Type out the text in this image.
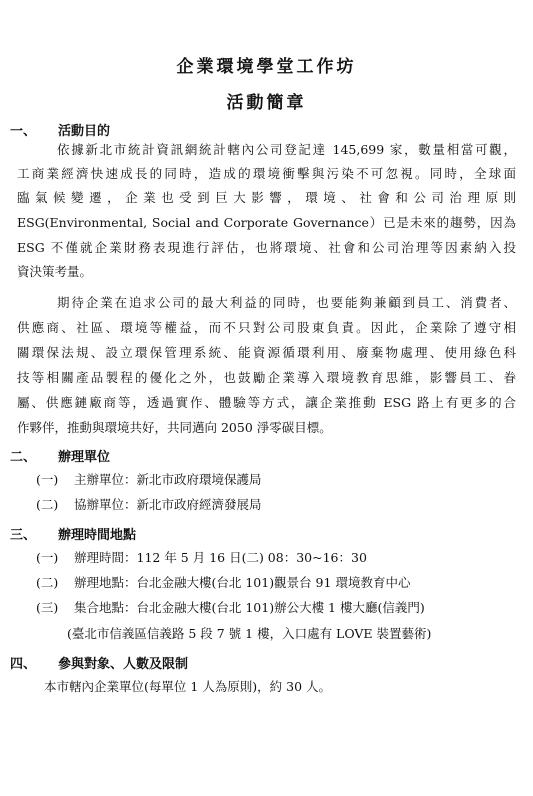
企業環境學堂工作坊
活動簡章
一、 活動目的
依據新北市統計資訊網統計轄內公司登記達 145,699 家，數量相當可觀，
工商業經濟快速成長的同時，造成的環境衝擊與污染不可忽視。同時，全球面
臨氣候變遷，企業也受到巨大影響，環境、社會和公司治理原則
ESG(Environmental, Social and Corporate Governance）已是未來的趨勢，因為
ESG 不僅就企業財務表現進行評估，也將環境、社會和公司治理等因素納入投
資決策考量。
期待企業在追求公司的最大利益的同時，也要能夠兼顧到員工、消費者、
供應商、社區、環境等權益，而不只對公司股東負責。因此，企業除了遵守相
關環保法規、設立環保管理系統、能資源循環利用、廢棄物處理、使用綠色科
技等相關產品製程的優化之外，也鼓勵企業導入環境教育思維，影響員工、眷
屬、供應鏈廠商等，透過實作、體驗等方式，讓企業推動 ESG 路上有更多的合
作夥伴，推動與環境共好，共同邁向 2050 淨零碳目標。
二、 辦理單位
(一) 主辦單位：新北市政府環境保護局
(二) 協辦單位：新北市政府經濟發展局
三、 辦理時間地點
(一) 辦理時間：112 年 5 月 16 日(二) 08：30~16：30
(二) 辦理地點：台北金融大樓(台北 101)觀景台 91 環境教育中心
(三) 集合地點：台北金融大樓(台北 101)辦公大樓 1 樓大廳(信義門)
(臺北市信義區信義路 5 段 7 號 1 樓，入口處有 LOVE 裝置藝術)
四、 參與對象、人數及限制
本市轄內企業單位(每單位 1 人為原則)，約 30 人。
